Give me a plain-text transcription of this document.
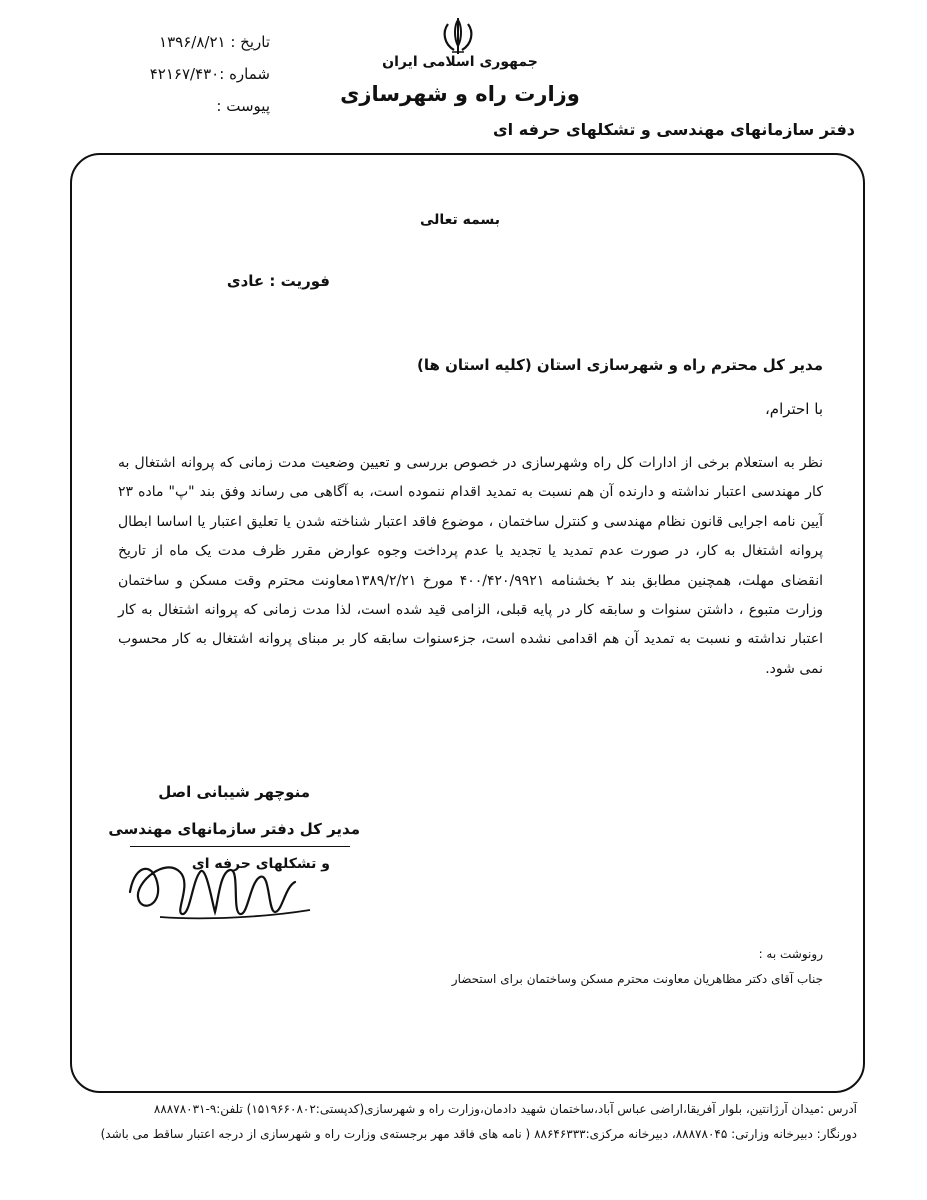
تاریخ : ۱۳۹۶/۸/۲۱
شماره :۴۲۱۶۷/۴۳۰
پیوست :
جمهوری اسلامی ایران
وزارت راه و شهرسازی
دفتر سازمانهای مهندسی و تشکلهای حرفه ای
بسمه تعالی
فوریت : عادی
مدیر کل محترم راه و شهرسازی استان (کلیه استان ها)
با احترام،
نظر به استعلام برخی از ادارات کل راه وشهرسازی در خصوص بررسی و تعیین وضعیت مدت زمانی که پروانه اشتغال به کار مهندسی اعتبار نداشته و دارنده آن هم نسبت به تمدید اقدام ننموده است، به آگاهی می رساند وفق بند "پ" ماده ۲۳ آیین نامه اجرایی قانون نظام مهندسی و کنترل ساختمان ، موضوع فاقد اعتبار شناخته شدن یا تعلیق اعتبار یا اساسا ابطال پروانه اشتغال به کار، در صورت عدم تمدید یا تجدید یا عدم پرداخت وجوه عوارض مقرر ظرف مدت یک ماه از تاریخ انقضای مهلت، همچنین مطابق بند ۲ بخشنامه ۴۰۰/۴۲۰/۹۹۲۱ مورخ ۱۳۸۹/۲/۲۱معاونت محترم وقت مسکن و ساختمان وزارت متبوع ، داشتن سنوات و سابقه کار در پایه قبلی، الزامی قید شده است، لذا مدت زمانی که پروانه اشتغال به کار اعتبار نداشته و نسبت به تمدید آن هم اقدامی نشده است، جزءسنوات سابقه کار بر مبنای پروانه اشتغال به کار محسوب نمی شود.
منوچهر شیبانی اصل
مدیر کل دفتر سازمانهای مهندسی
و تشکلهای حرفه ای
رونوشت به :
جناب آقای دکتر مظاهریان معاونت محترم مسکن وساختمان برای استحضار
آدرس :میدان آرژانتین، بلوار آفریقا،اراضی عباس آباد،ساختمان شهید دادمان،وزارت راه و شهرسازی(کدپستی:۱۵۱۹۶۶۰۸۰۲) تلفن:۹-۸۸۸۷۸۰۳۱
دورنگار: دبیرخانه وزارتی: ۸۸۸۷۸۰۴۵، دبیرخانه مرکزی:۸۸۶۴۶۳۳۳ ( نامه های فاقد مهر برجسته‌ی وزارت راه و شهرسازی از درجه اعتبار ساقط می باشد)
